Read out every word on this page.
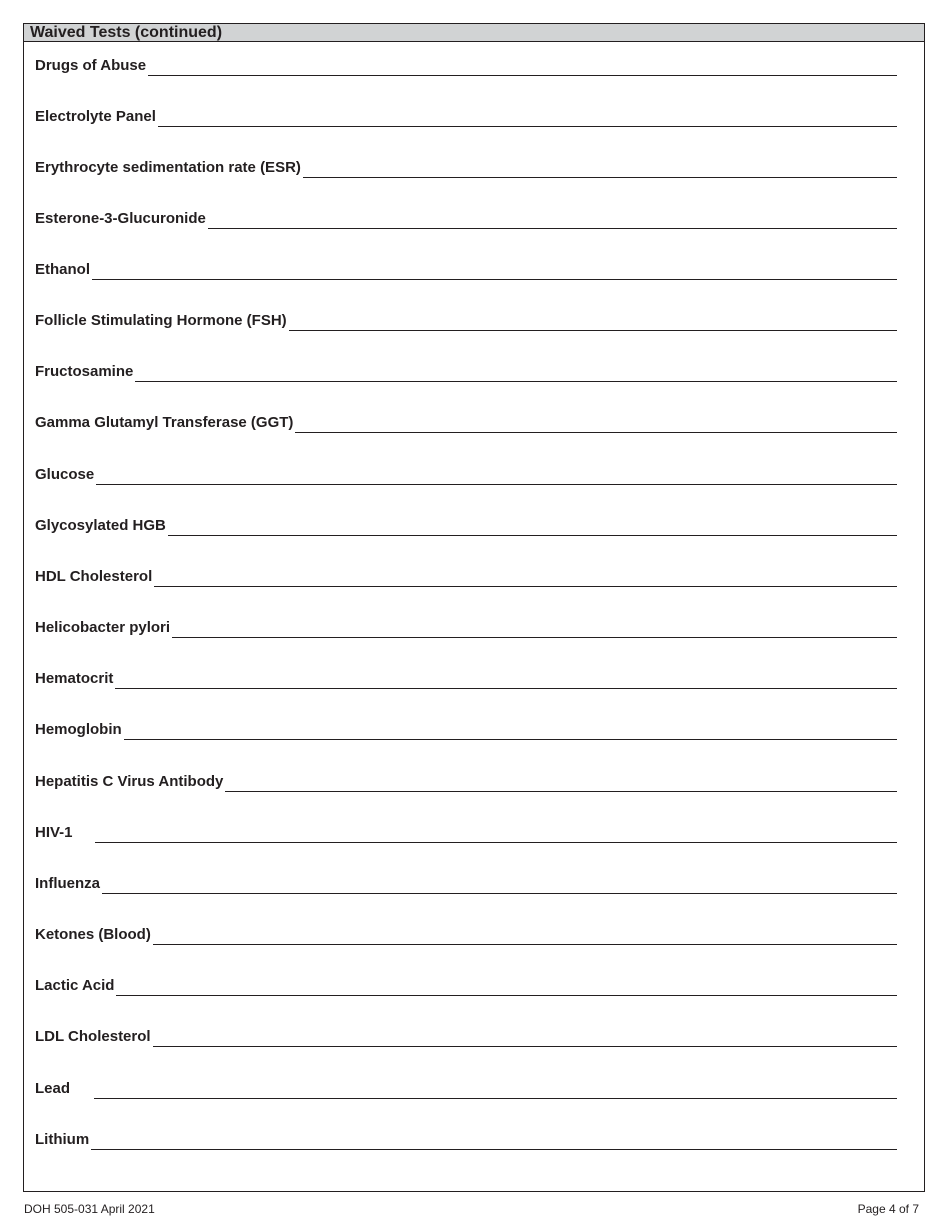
Waived Tests (continued)
Drugs of Abuse
Electrolyte Panel
Erythrocyte sedimentation rate (ESR)
Esterone-3-Glucuronide
Ethanol
Follicle Stimulating Hormone (FSH)
Fructosamine
Gamma Glutamyl Transferase (GGT)
Glucose
Glycosylated HGB
HDL Cholesterol
Helicobacter pylori
Hematocrit
Hemoglobin
Hepatitis C Virus Antibody
HIV-1
Influenza
Ketones (Blood)
Lactic Acid
LDL Cholesterol
Lead
Lithium
DOH 505-031 April 2021	Page 4 of 7
